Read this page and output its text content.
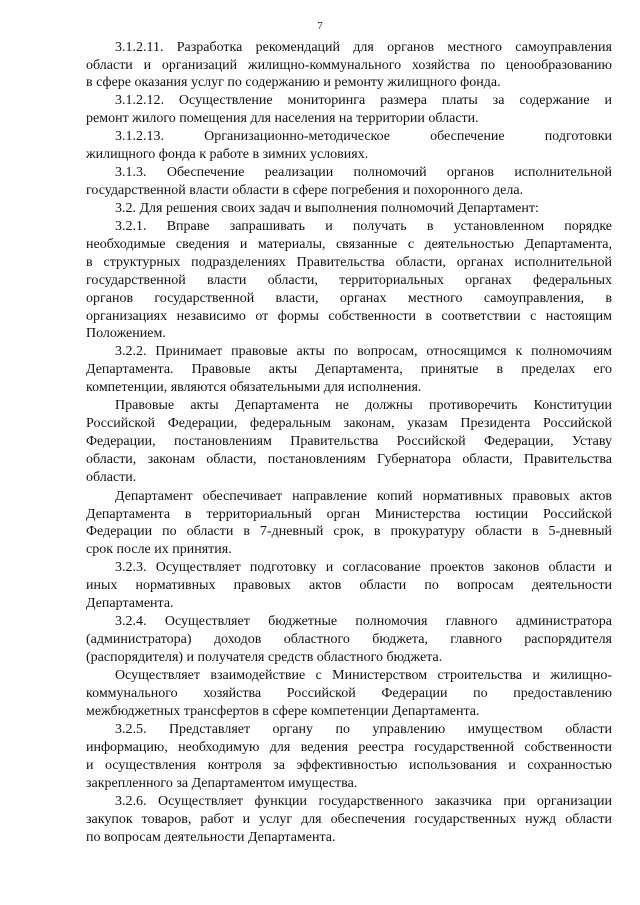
7
3.1.2.11. Разработка рекомендаций для органов местного самоуправления
области и организаций жилищно-коммунального хозяйства по ценообразованию
в сфере оказания услуг по содержанию и ремонту жилищного фонда.
3.1.2.12. Осуществление мониторинга размера платы за содержание и
ремонт жилого помещения для населения на территории области.
3.1.2.13. Организационно-методическое обеспечение подготовки
жилищного фонда к работе в зимних условиях.
3.1.3. Обеспечение реализации полномочий органов исполнительной
государственной власти области в сфере погребения и похоронного дела.
3.2. Для решения своих задач и выполнения полномочий Департамент:
3.2.1. Вправе запрашивать и получать в установленном порядке
необходимые сведения и материалы, связанные с деятельностью Департамента,
в структурных подразделениях Правительства области, органах исполнительной
государственной власти области, территориальных органах федеральных
органов государственной власти, органах местного самоуправления, в
организациях независимо от формы собственности в соответствии с настоящим
Положением.
3.2.2. Принимает правовые акты по вопросам, относящимся к полномочиям
Департамента. Правовые акты Департамента, принятые в пределах его
компетенции, являются обязательными для исполнения.
Правовые акты Департамента не должны противоречить Конституции
Российской Федерации, федеральным законам, указам Президента Российской
Федерации, постановлениям Правительства Российской Федерации, Уставу
области, законам области, постановлениям Губернатора области, Правительства
области.
Департамент обеспечивает направление копий нормативных правовых актов
Департамента в территориальный орган Министерства юстиции Российской
Федерации по области в 7-дневный срок, в прокуратуру области в 5-дневный
срок после их принятия.
3.2.3. Осуществляет подготовку и согласование проектов законов области и
иных нормативных правовых актов области по вопросам деятельности
Департамента.
3.2.4. Осуществляет бюджетные полномочия главного администратора
(администратора) доходов областного бюджета, главного распорядителя
(распорядителя) и получателя средств областного бюджета.
Осуществляет взаимодействие с Министерством строительства и жилищно-
коммунального хозяйства Российской Федерации по предоставлению
межбюджетных трансфертов в сфере компетенции Департамента.
3.2.5. Представляет органу по управлению имуществом области
информацию, необходимую для ведения реестра государственной собственности
и осуществления контроля за эффективностью использования и сохранностью
закрепленного за Департаментом имущества.
3.2.6. Осуществляет функции государственного заказчика при организации
закупок товаров, работ и услуг для обеспечения государственных нужд области
по вопросам деятельности Департамента.
